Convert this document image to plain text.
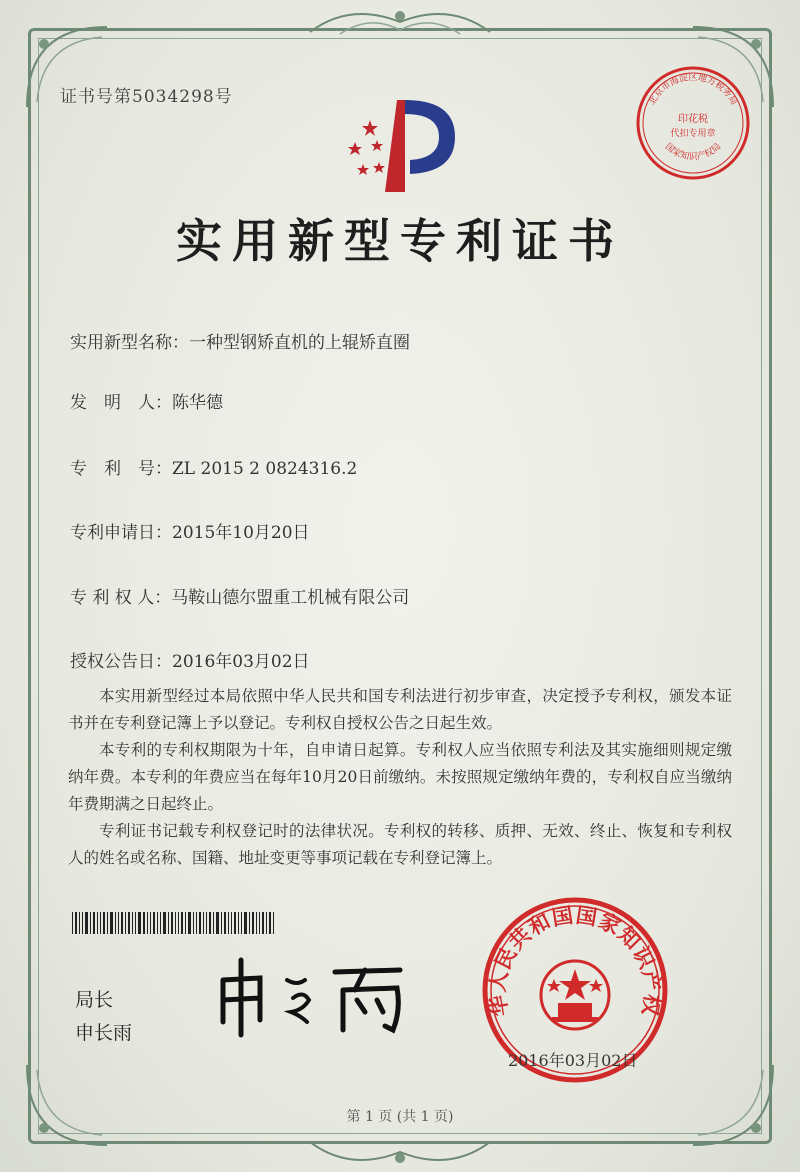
证书号第5034298号	北京市海淀区地方税务局
印花税
代扣专用章
国家知识产权局
实用新型专利证书
实用新型名称：一种型钢矫直机的上辊矫直圈
发　明　人：陈华德
专　利　号：ZL 2015 2 0824316.2
专利申请日：2015年10月20日
专 利 权 人：马鞍山德尔盟重工机械有限公司
授权公告日：2016年03月02日

本实用新型经过本局依照中华人民共和国专利法进行初步审查，决定授予专利权，颁发本证书并在专利登记簿上予以登记。专利权自授权公告之日起生效。

本专利的专利权期限为十年，自申请日起算。专利权人应当依照专利法及其实施细则规定缴纳年费。本专利的年费应当在每年10月20日前缴纳。未按照规定缴纳年费的，专利权自应当缴纳年费期满之日起终止。

专利证书记载专利权登记时的法律状况。专利权的转移、质押、无效、终止、恢复和专利权人的姓名或名称、国籍、地址变更等事项记载在专利登记簿上。

局长
申长雨
华人民共和国国家知识产权
2016年03月02日
第 1 页 (共 1 页)
